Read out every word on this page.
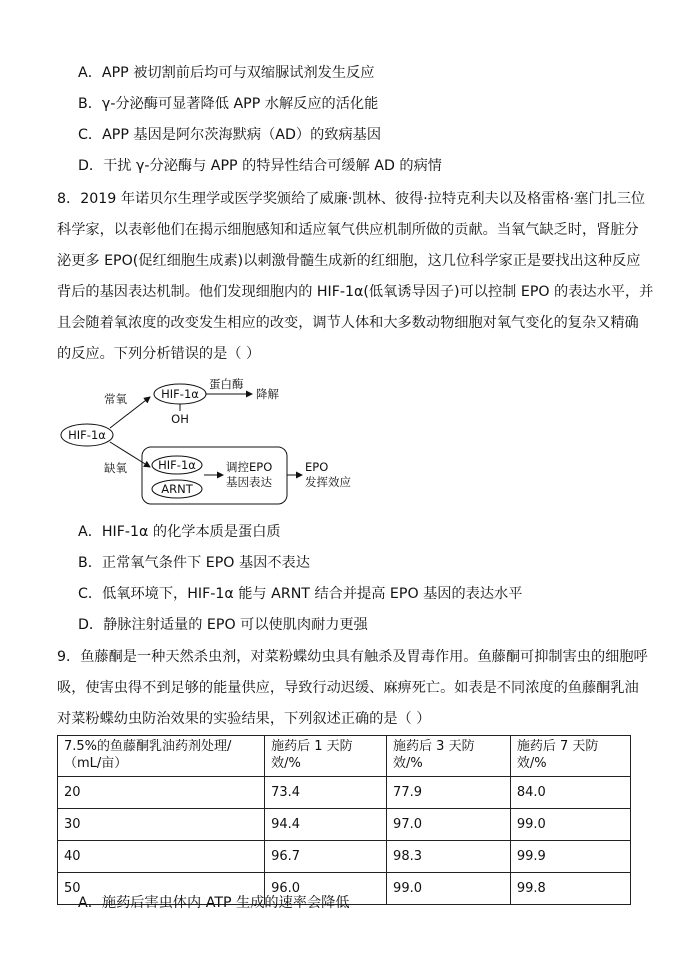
A．APP 被切割前后均可与双缩脲试剂发生反应
B．γ-分泌酶可显著降低 APP 水解反应的活化能
C．APP 基因是阿尔茨海默病（AD）的致病基因
D．干扰 γ-分泌酶与 APP 的特异性结合可缓解 AD 的病情
8．2019 年诺贝尔生理学或医学奖颁给了威廉·凯林、彼得·拉特克利夫以及格雷格·塞门扎三位
科学家，以表彰他们在揭示细胞感知和适应氧气供应机制所做的贡献。当氧气缺乏时，肾脏分
泌更多 EPO(促红细胞生成素)以刺激骨髓生成新的红细胞，这几位科学家正是要找出这种反应
背后的基因表达机制。他们发现细胞内的 HIF-1α(低氧诱导因子)可以控制 EPO 的表达水平，并
且会随着氧浓度的改变发生相应的改变，调节人体和大多数动物细胞对氧气变化的复杂又精确
的反应。下列分析错误的是（ ）
HIF-1α
常氧
缺氧
HIF-1α
OH
蛋白酶
降解
HIF-1α
ARNT
调控EPO
基因表达
EPO
发挥效应
A．HIF-1α 的化学本质是蛋白质
B．正常氧气条件下 EPO 基因不表达
C．低氧环境下，HIF-1α 能与 ARNT 结合并提高 EPO 基因的表达水平
D．静脉注射适量的 EPO 可以使肌肉耐力更强
9．鱼藤酮是一种天然杀虫剂，对菜粉蝶幼虫具有触杀及胃毒作用。鱼藤酮可抑制害虫的细胞呼
吸，使害虫得不到足够的能量供应，导致行动迟缓、麻痹死亡。如表是不同浓度的鱼藤酮乳油
对菜粉蝶幼虫防治效果的实验结果，下列叙述正确的是（ ）
7.5%的鱼藤酮乳油药剂处理/（mL/亩）	施药后 1 天防效/%	施药后 3 天防效/%	施药后 7 天防效/%
20	73.4	77.9	84.0
30	94.4	97.0	99.0
40	96.7	98.3	99.9
50	96.0	99.0	99.8
A．施药后害虫体内 ATP 生成的速率会降低
